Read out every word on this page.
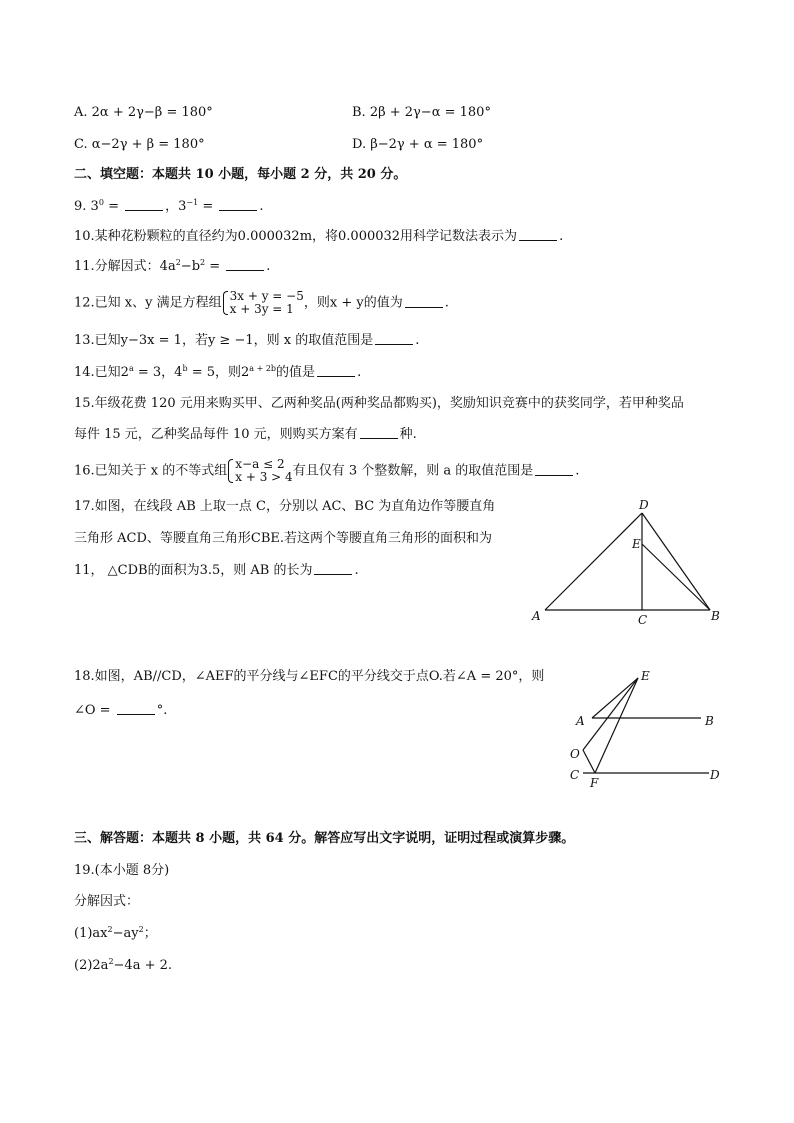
A. 2α + 2γ−β = 180°	B. 2β + 2γ−α = 180°
C. α−2γ + β = 180°	D. β−2γ + α = 180°
二、填空题：本题共 10 小题，每小题 2 分，共 20 分。
9. $3^0$ =	，$3^{-1}$ =	.
10.某种花粉颗粒的直径约为0.000032m，将0.000032用科学记数法表示为	.
11.分解因式：$4a^2-b^2$ =	.
12.已知 x、y 满足方程组 3x + y = −5
x + 3y = 1 ，则x + y的值为	.
13.已知y−3x = 1，若y ≥ −1，则 x 的取值范围是	.
14.已知$2^a = 3$，$4^b = 5$，则$2^{a + 2b}$的值是	.
15.年级花费 120 元用来购买甲、乙两种奖品(两种奖品都购买)，奖励知识竞赛中的获奖同学，若甲种奖品
每件 15 元，乙种奖品每件 10 元，则购买方案有	种.
16.已知关于 x 的不等式组 x−a ≤ 2
x + 3 > 4有且仅有 3 个整数解，则 a 的取值范围是	.
17.如图，在线段 AB 上取一点 C，分别以 AC、BC 为直角边作等腰直角
三角形 ACD、等腰直角三角形CBE.若这两个等腰直角三角形的面积和为
11， △CDB的面积为3.5，则 AB 的长为	.
D
E
A	C	B
18.如图，AB//CD，∠AEF的平分线与∠EFC的平分线交于点O.若∠A = 20°，则
∠O =	°.
E
A	B
O
C
F
D
三、解答题：本题共 8 小题，共 64 分。解答应写出文字说明，证明过程或演算步骤。
19.(本小题 8分)
分解因式：
$(1)ax^2-ay^2$；
$(2)2a^2-4a + 2$.
